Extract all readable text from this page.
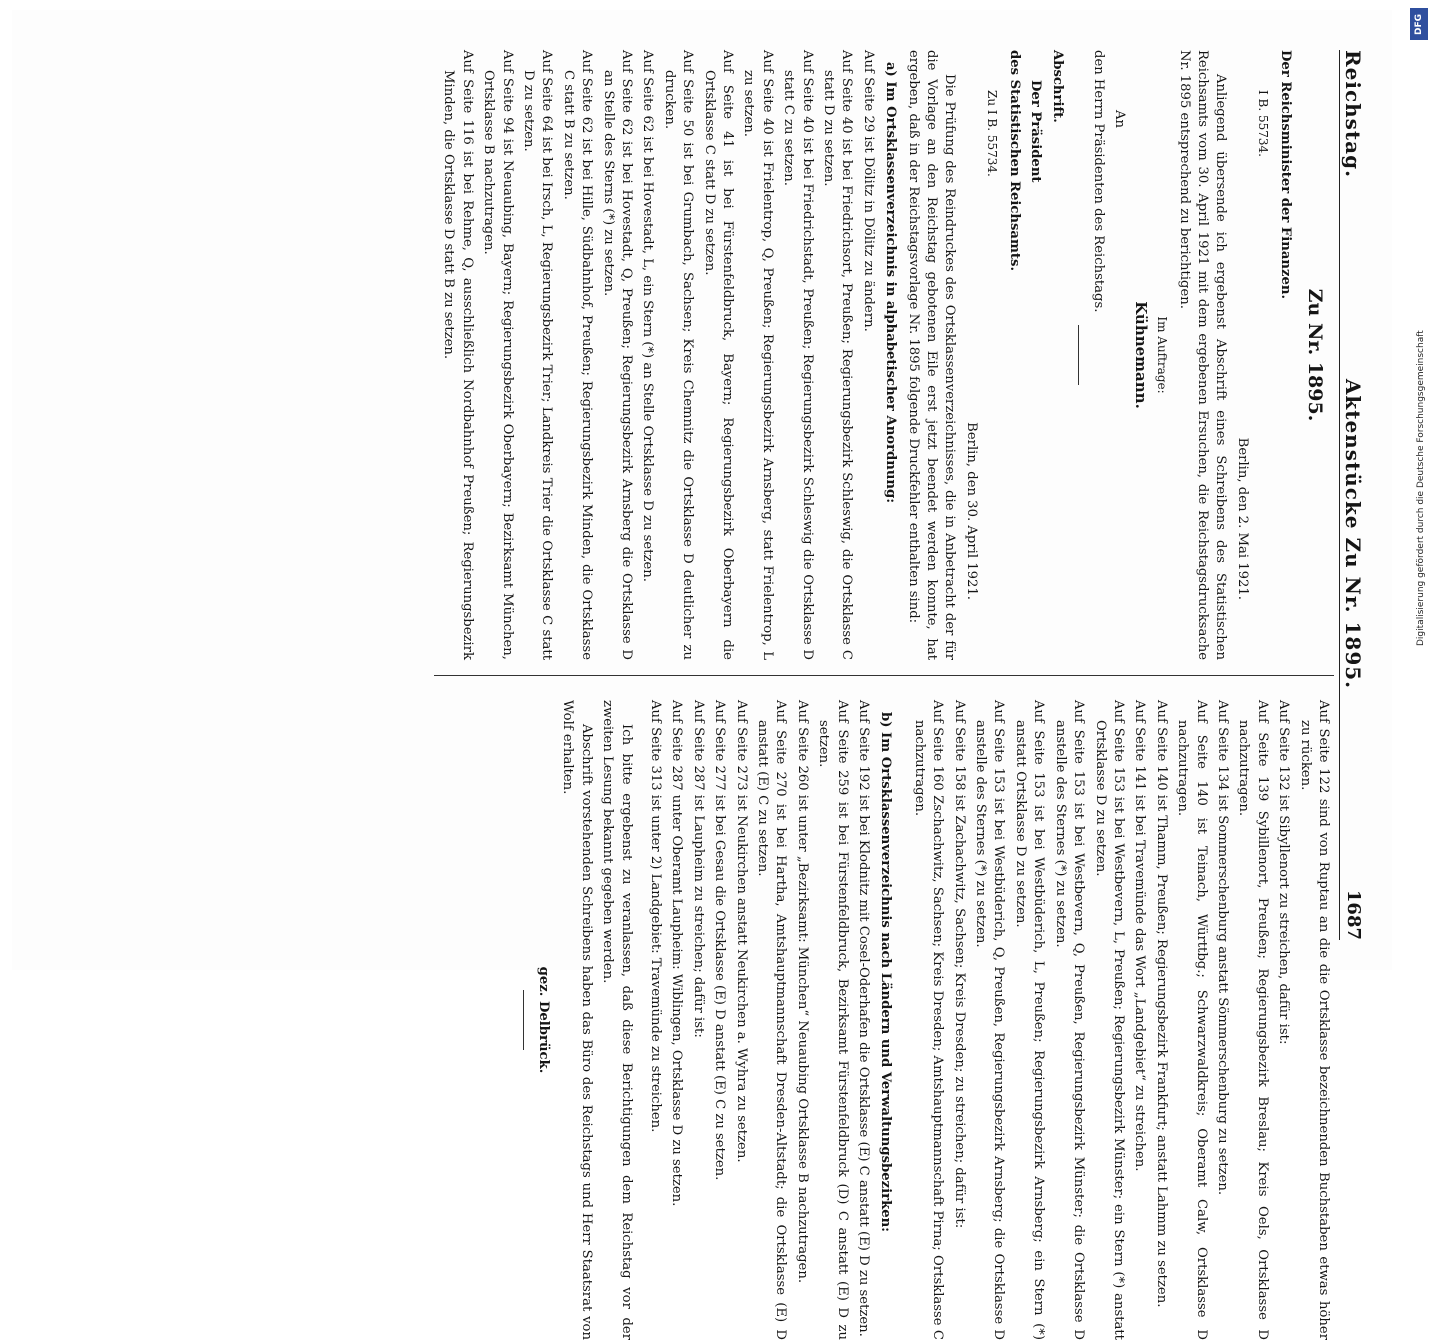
Reichstag.
Aktenstücke Zu Nr. 1895.
1687
Zu Nr. 1895.

Der Reichsminister der Finanzen.

I B. 55734.

Berlin, den 2. Mai 1921.

Anliegend übersende ich ergebenst Abschrift eines Schreibens des Statistischen Reichsamts vom 30. April 1921 mit dem ergebenen Ersuchen, die Reichstagsdrucksache Nr. 1895 entsprechend zu berichtigen.

Im Auftrage:

Kühnemann.

An

den Herrn Präsidenten des Reichstags.

Abschrift.

Der Präsident

des Statistischen Reichsamts.

Zu I B. 55734.

Berlin, den 30. April 1921.

Die Prüfung des Reindruckes des Ortsklassenverzeichnisses, die in Anbetracht der für die Vorlage an den Reichstag gebotenen Eile erst jetzt beendet werden konnte, hat ergeben, daß in der Reichstagsvorlage Nr. 1895 folgende Druckfehler enthalten sind:

a) Im Ortsklassenverzeichnis in alphabetischer Anordnung:

Auf Seite 29 ist Dölitz in Dölitz zu ändern.

Auf Seite 40 ist bei Friedrichsort, Preußen; Regierungsbezirk Schleswig, die Ortsklasse C statt D zu setzen.

Auf Seite 40 ist bei Friedrichstadt, Preußen; Regierungsbezirk Schleswig die Ortsklasse D statt C zu setzen.

Auf Seite 40 ist Frielentrop, Q, Preußen; Regierungsbezirk Arnsberg, statt Frielentrop, L zu setzen.

Auf Seite 41 ist bei Fürstenfeldbruck, Bayern; Regierungsbezirk Oberbayern die Ortsklasse C statt D zu setzen.

Auf Seite 50 ist bei Grumbach, Sachsen; Kreis Chemnitz die Ortsklasse D deutlicher zu drucken.

Auf Seite 62 ist bei Hovestadt, L, ein Stern (*) an Stelle Ortsklasse D zu setzen.

Auf Seite 62 ist bei Hovestadt, Q, Preußen; Regierungsbezirk Arnsberg die Ortsklasse D an Stelle des Sterns (*) zu setzen.

Auf Seite 62 ist bei Hille, Südbahnhof, Preußen; Regierungsbezirk Minden, die Ortsklasse C statt B zu setzen.

Auf Seite 64 ist bei Irsch, L, Regierungsbezirk Trier; Landkreis Trier die Ortsklasse C statt D zu setzen.

Auf Seite 94 ist Neuaubing, Bayern; Regierungsbezirk Oberbayern; Bezirksamt München, Ortsklasse B nachzutragen.

Auf Seite 116 ist bei Rehme, Q, ausschließlich Nordbahnhof Preußen; Regierungsbezirk Minden, die Ortsklasse D statt B zu setzen.

Auf Seite 122 sind von Ruptau an die die Ortsklasse bezeichnenden Buchstaben etwas höher zu rücken.

Auf Seite 132 ist Sibyllenort zu streichen, dafür ist:

Auf Seite 139 Sybillenort, Preußen; Regierungsbezirk Breslau; Kreis Oels, Ortsklasse D nachzutragen.

Auf Seite 134 ist Sommerschenburg anstatt Sömmerschenburg zu setzen.

Auf Seite 140 ist Teinach, Württbg.; Schwarzwaldkreis; Oberamt Calw, Ortsklasse D nachzutragen.

Auf Seite 140 ist Thamm, Preußen; Regierungsbezirk Frankfurt; anstatt Lahmm zu setzen.

Auf Seite 141 ist bei Travemünde das Wort „Landgebiet“ zu streichen.

Auf Seite 153 ist bei Westbevern, L, Preußen; Regierungsbezirk Münster; ein Stern (*) anstatt Ortsklasse D zu setzen.

Auf Seite 153 ist bei Westbevern, Q, Preußen, Regierungsbezirk Münster; die Ortsklasse D anstelle des Sternes (*) zu setzen.

Auf Seite 153 ist bei Westbüderich, L, Preußen; Regierungsbezirk Arnsberg; ein Stern (*) anstatt Ortsklasse D zu setzen.

Auf Seite 153 ist bei Westbüderich, Q, Preußen, Regierungsbezirk Arnsberg; die Ortsklasse D anstelle des Sternes (*) zu setzen.

Auf Seite 158 ist Zachachwitz, Sachsen; Kreis Dresden; zu streichen; dafür ist:

Auf Seite 160 Zschachwitz, Sachsen; Kreis Dresden; Amtshauptmannschaft Pirna; Ortsklasse C nachzutragen.

b) Im Ortsklassenverzeichnis nach Ländern und Verwaltungsbezirken:

Auf Seite 192 ist bei Klodnitz mit Cosel-Oderhafen die Ortsklasse (E) C anstatt (E) D zu setzen.

Auf Seite 259 ist bei Fürstenfeldbruck, Bezirksamt Fürstenfeldbruck (D) C anstatt (E) D zu setzen.

Auf Seite 260 ist unter „Bezirksamt: München“ Neuaubing Ortsklasse B nachzutragen.

Auf Seite 270 ist bei Hartha, Amtshauptmannschaft Dresden-Altstadt; die Ortsklasse (E) D anstatt (E) C zu setzen.

Auf Seite 273 ist Neukirchen anstatt Neukirchen a. Wyhra zu setzen.

Auf Seite 277 ist bei Gesau die Ortsklasse (E) D anstatt (E) C zu setzen.

Auf Seite 287 ist Laupheim zu streichen; dafür ist:

Auf Seite 287 unter Oberamt Laupheim: Wiblingen, Ortsklasse D zu setzen.

Auf Seite 313 ist unter 2) Landgebiet: Travemünde zu streichen.

Ich bitte ergebenst zu veranlassen, daß diese Berichtigungen dem Reichstag vor der zweiten Lesung bekannt gegeben werden.

Abschrift vorstehenden Schreibens haben das Büro des Reichstags und Herr Staatsrat von Wolf erhalten.

gez. Delbrück.

DFG
Digitalisierung gefördert durch die Deutsche Forschungsgemeinschaft
